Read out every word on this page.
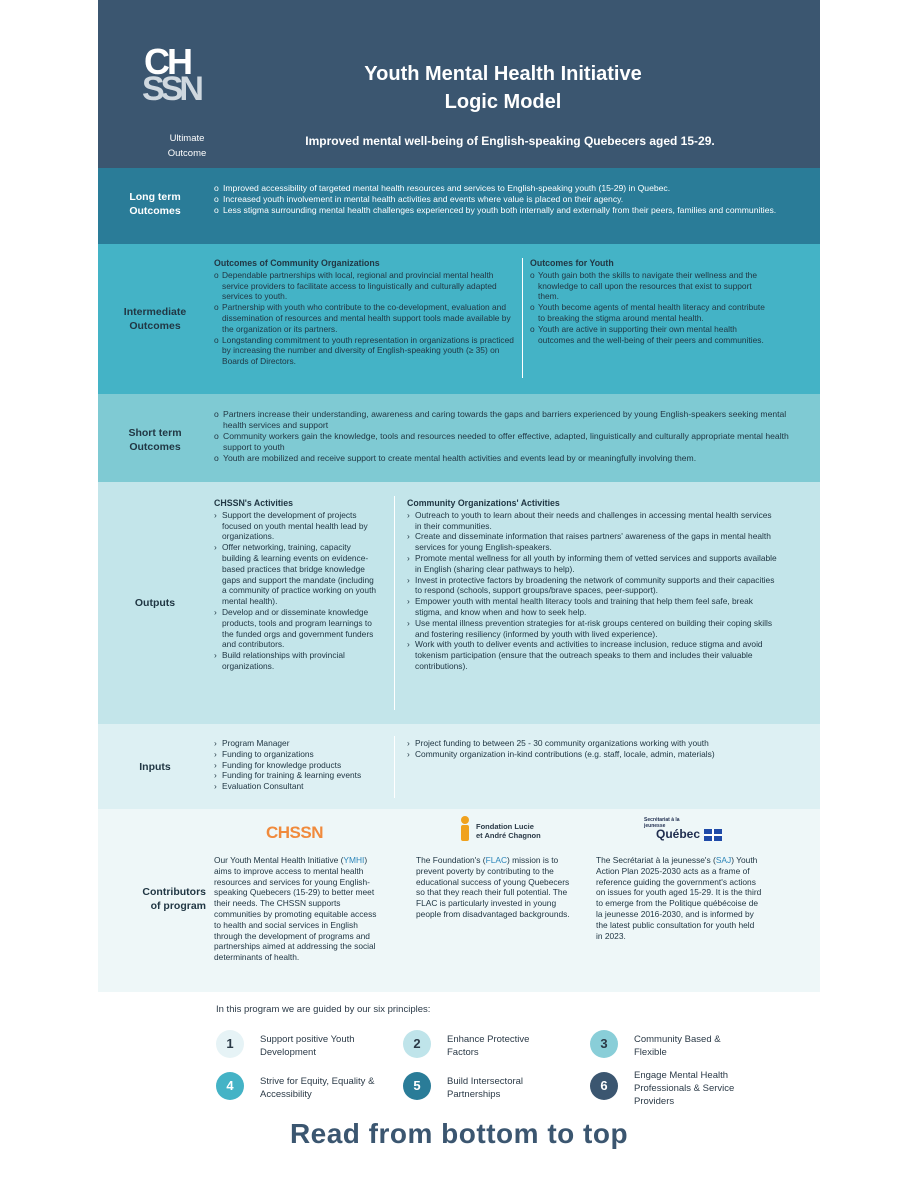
CH
SSN	Youth Mental Health Initiative
Logic Model
Ultimate
Outcome
Improved mental well-being of English-speaking Quebecers aged 15-29.
Long term
Outcomes
o Improved accessibility of targeted mental health resources and services to English-speaking youth (15-29) in Quebec.
o Increased youth involvement in mental health activities and events where value is placed on their agency.
o Less stigma surrounding mental health challenges experienced by youth both internally and externally from their peers, families and communities.
Intermediate
Outcomes
Outcomes of Community Organizations
o Dependable partnerships with local, regional and provincial mental health service providers to facilitate access to linguistically and culturally adapted services to youth.
o Partnership with youth who contribute to the co-development, evaluation and dissemination of resources and mental health support tools made available by the organization or its partners.
o Longstanding commitment to youth representation in organizations is practiced by increasing the number and diversity of English-speaking youth (≥ 35) on Boards of Directors.
Outcomes for Youth
o Youth gain both the skills to navigate their wellness and the knowledge to call upon the resources that exist to support them.
o Youth become agents of mental health literacy and contribute to breaking the stigma around mental health.
o Youth are active in supporting their own mental health outcomes and the well-being of their peers and communities.
Short term
Outcomes
o Partners increase their understanding, awareness and caring towards the gaps and barriers experienced by young English-speakers seeking mental health services and support
o Community workers gain the knowledge, tools and resources needed to offer effective, adapted, linguistically and culturally appropriate mental health support to youth
o Youth are mobilized and receive support to create mental health activities and events lead by or meaningfully involving them.
Outputs
CHSSN's Activities
› Support the development of projects focused on youth mental health lead by organizations.
› Offer networking, training, capacity building & learning events on evidence-based practices that bridge knowledge gaps and support the mandate (including a community of practice working on youth mental health).
› Develop and or disseminate knowledge products, tools and program learnings to the funded orgs and government funders and contributors.
› Build relationships with provincial organizations.
Community Organizations' Activities
› Outreach to youth to learn about their needs and challenges in accessing mental health services in their communities.
› Create and disseminate information that raises partners' awareness of the gaps in mental health services for young English-speakers.
› Promote mental wellness for all youth by informing them of vetted services and supports available in English (sharing clear pathways to help).
› Invest in protective factors by broadening the network of community supports and their capacities to respond (schools, support groups/brave spaces, peer-support).
› Empower youth with mental health literacy tools and training that help them feel safe, break stigma, and know when and how to seek help.
› Use mental illness prevention strategies for at-risk groups centered on building their coping skills and fostering resiliency (informed by youth with lived experience).
› Work with youth to deliver events and activities to increase inclusion, reduce stigma and avoid tokenism participation (ensure that the outreach speaks to them and includes their valuable contributions).
Inputs
› Program Manager
› Funding to organizations
› Funding for knowledge products
› Funding for training & learning events
› Evaluation Consultant
› Project funding to between 25 - 30 community organizations working with youth
› Community organization in-kind contributions (e.g. staff, locale, admin, materials)
Contributors
of program
CHSSN
Our Youth Mental Health Initiative (YMHI) aims to improve access to mental health resources and services for young English-speaking Quebecers (15-29) to better meet their needs. The CHSSN supports communities by promoting equitable access to health and social services in English through the development of programs and partnerships aimed at addressing the social determinants of health.
Fondation Lucie
et André Chagnon
The Foundation's (FLAC) mission is to prevent poverty by contributing to the educational success of young Quebecers so that they reach their full potential. The FLAC is particularly invested in young people from disadvantaged backgrounds.
Secrétariat à la jeunesse
Québec
The Secrétariat à la jeunesse's (SAJ) Youth Action Plan 2025-2030 acts as a frame of reference guiding the government's actions on issues for youth aged 15-29. It is the third to emerge from the Politique québécoise de la jeunesse 2016-2030, and is informed by the latest public consultation for youth held in 2023.
In this program we are guided by our six principles:
1	Support positive Youth Development
2	Enhance Protective Factors
3	Community Based & Flexible
4	Strive for Equity, Equality & Accessibility
5	Build Intersectoral Partnerships
6
Engage Mental Health Professionals & Service Providers
Read from bottom to top
